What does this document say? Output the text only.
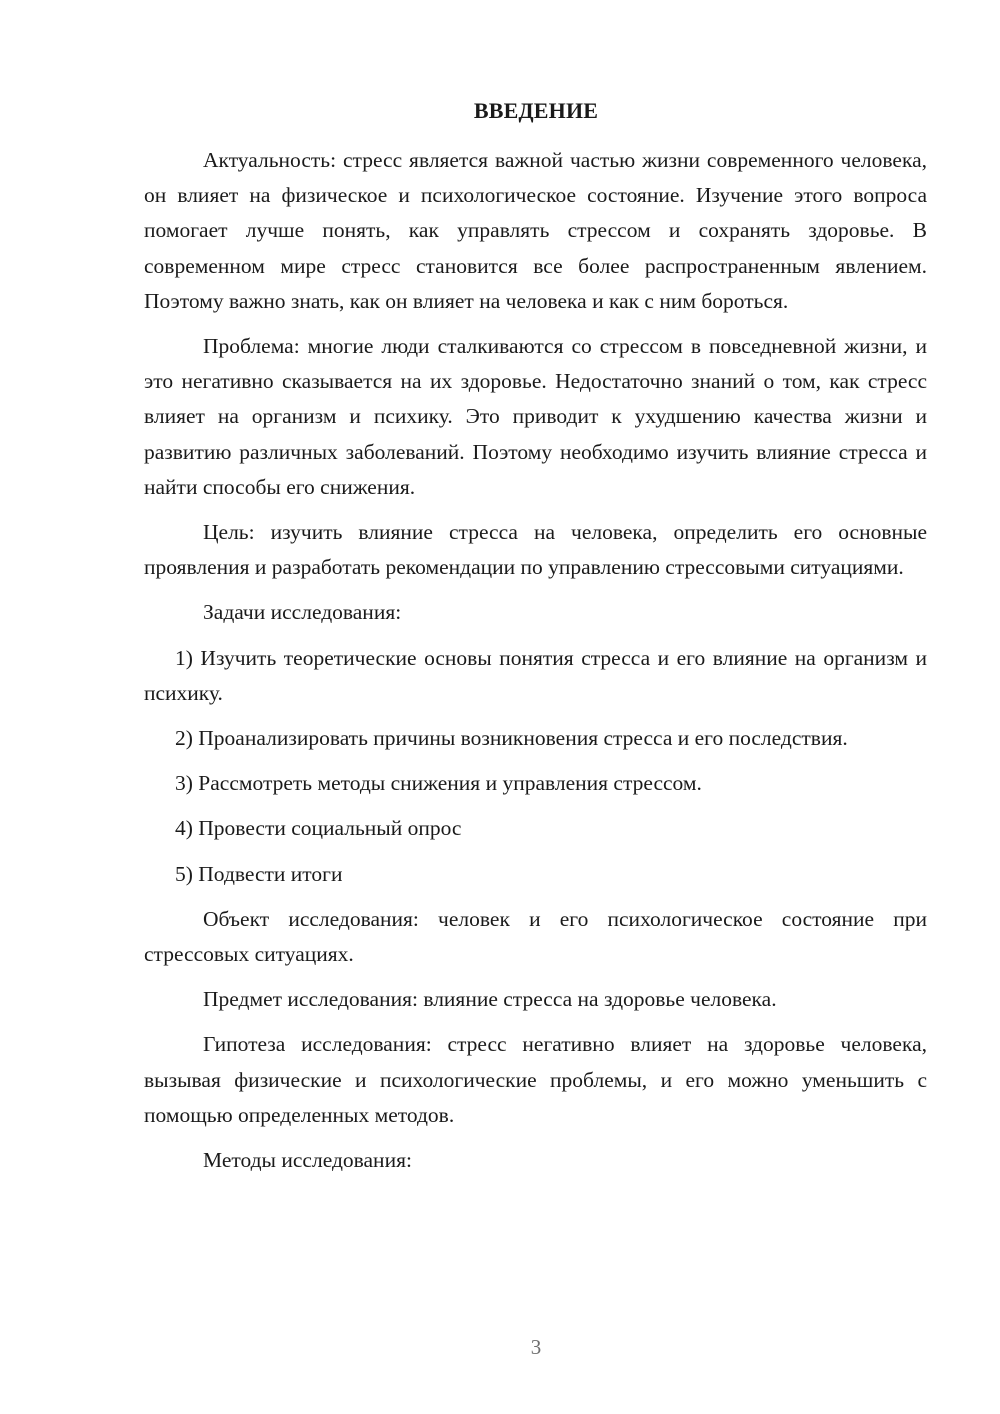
ВВЕДЕНИЕ

Актуальность: стресс является важной частью жизни современного человека, он влияет на физическое и психологическое состояние. Изучение этого вопроса помогает лучше понять, как управлять стрессом и сохранять здоровье. В современном мире стресс становится все более распространенным явлением. Поэтому важно знать, как он влияет на человека и как с ним бороться.

Проблема: многие люди сталкиваются со стрессом в повседневной жизни, и это негативно сказывается на их здоровье. Недостаточно знаний о том, как стресс влияет на организм и психику. Это приводит к ухудшению качества жизни и развитию различных заболеваний. Поэтому необходимо изучить влияние стресса и найти способы его снижения.

Цель: изучить влияние стресса на человека, определить его основные проявления и разработать рекомендации по управлению стрессовыми ситуациями.

Задачи исследования:

1) Изучить теоретические основы понятия стресса и его влияние на организм и психику.

2) Проанализировать причины возникновения стресса и его последствия.

3) Рассмотреть методы снижения и управления стрессом.

4) Провести социальный опрос

5) Подвести итоги

Объект исследования: человек и его психологическое состояние при стрессовых ситуациях.

Предмет исследования: влияние стресса на здоровье человека.

Гипотеза исследования: стресс негативно влияет на здоровье человека, вызывая физические и психологические проблемы, и его можно уменьшить с помощью определенных методов.

Методы исследования:

3
